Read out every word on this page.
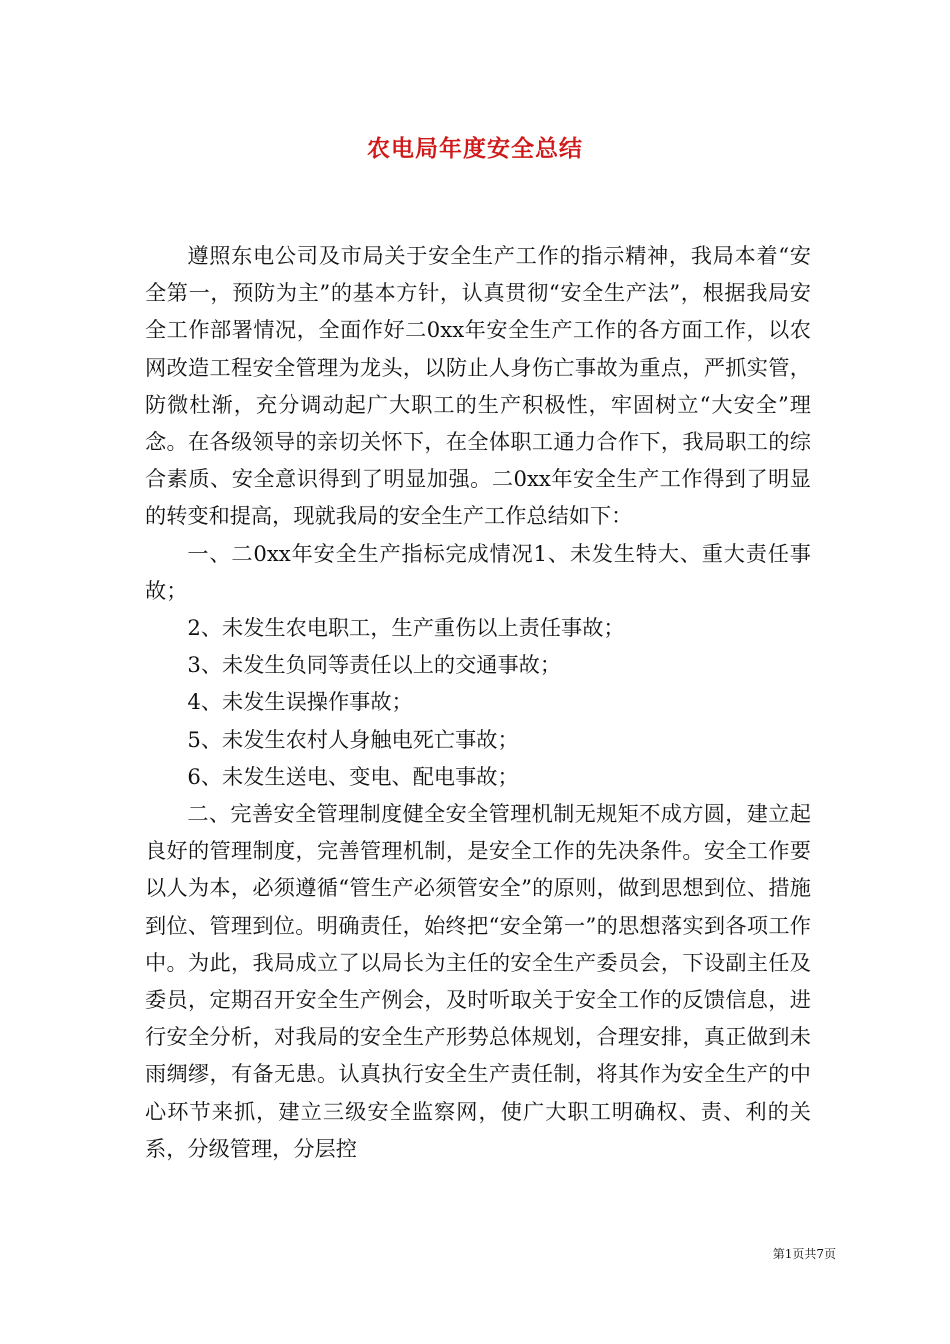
农电局年度安全总结

遵照东电公司及市局关于安全生产工作的指示精神，我局本着“安全第一，预防为主”的基本方针，认真贯彻“安全生产法”，根据我局安全工作部署情况，全面作好二0xx年安全生产工作的各方面工作，以农网改造工程安全管理为龙头，以防止人身伤亡事故为重点，严抓实管，防微杜渐，充分调动起广大职工的生产积极性，牢固树立“大安全”理念。在各级领导的亲切关怀下，在全体职工通力合作下，我局职工的综合素质、安全意识得到了明显加强。二0xx年安全生产工作得到了明显的转变和提高，现就我局的安全生产工作总结如下：

一、二0xx年安全生产指标完成情况1、未发生特大、重大责任事故；

2、未发生农电职工，生产重伤以上责任事故；

3、未发生负同等责任以上的交通事故；

4、未发生误操作事故；

5、未发生农村人身触电死亡事故；

6、未发生送电、变电、配电事故；

二、完善安全管理制度健全安全管理机制无规矩不成方圆，建立起良好的管理制度，完善管理机制，是安全工作的先决条件。安全工作要以人为本，必须遵循“管生产必须管安全”的原则，做到思想到位、措施到位、管理到位。明确责任，始终把“安全第一”的思想落实到各项工作中。为此，我局成立了以局长为主任的安全生产委员会，下设副主任及委员，定期召开安全生产例会，及时听取关于安全工作的反馈信息，进行安全分析，对我局的安全生产形势总体规划，合理安排，真正做到未雨绸缪，有备无患。认真执行安全生产责任制，将其作为安全生产的中心环节来抓，建立三级安全监察网，使广大职工明确权、责、利的关系，分级管理，分层控

第1页共7页
